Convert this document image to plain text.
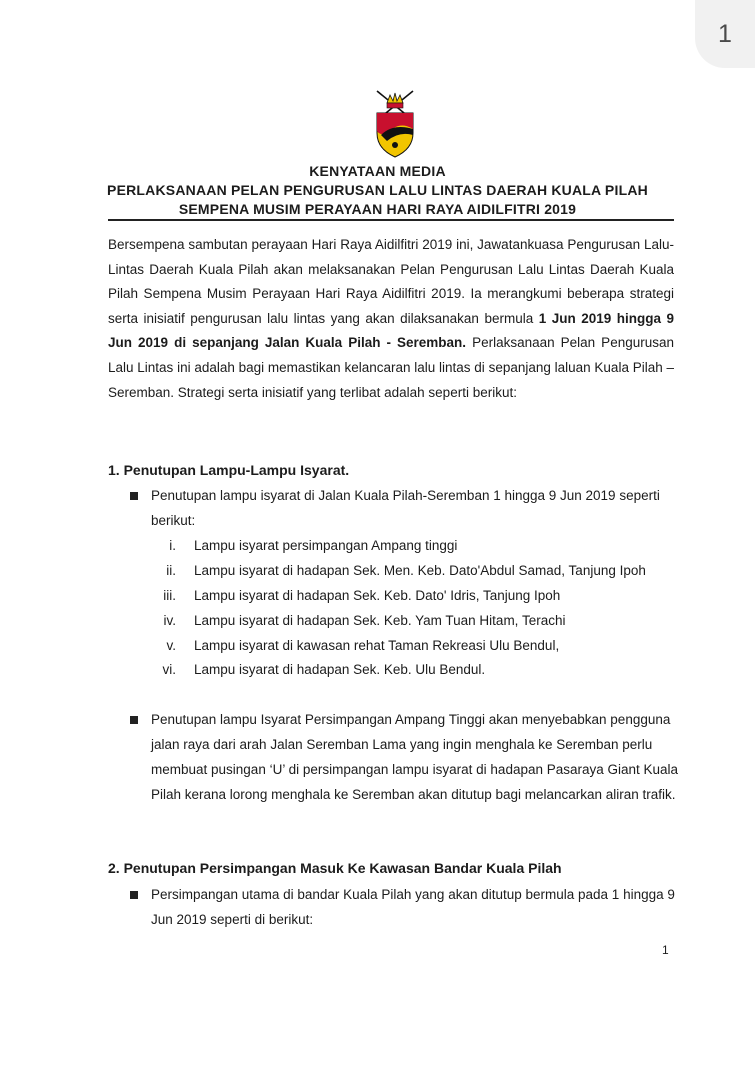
1
KENYATAAN MEDIA
PERLAKSANAAN PELAN PENGURUSAN LALU LINTAS DAERAH KUALA PILAH
SEMPENA MUSIM PERAYAAN HARI RAYA AIDILFITRI 2019

Bersempena sambutan perayaan Hari Raya Aidilfitri 2019 ini, Jawatankuasa Pengurusan Lalu-Lintas Daerah Kuala Pilah akan melaksanakan Pelan Pengurusan Lalu Lintas Daerah Kuala Pilah Sempena Musim Perayaan Hari Raya Aidilfitri 2019. Ia merangkumi beberapa strategi serta inisiatif pengurusan lalu lintas yang akan dilaksanakan bermula 1 Jun 2019 hingga 9 Jun 2019 di sepanjang Jalan Kuala Pilah - Seremban. Perlaksanaan Pelan Pengurusan Lalu Lintas ini adalah bagi memastikan kelancaran lalu lintas di sepanjang laluan Kuala Pilah – Seremban. Strategi serta inisiatif yang terlibat adalah seperti berikut:

1. Penutupan Lampu-Lampu Isyarat.

Penutupan lampu isyarat di Jalan Kuala Pilah-Seremban 1 hingga 9 Jun 2019 seperti berikut:

i. Lampu isyarat persimpangan Ampang tinggi
ii. Lampu isyarat di hadapan Sek. Men. Keb. Dato'Abdul Samad, Tanjung Ipoh
iii. Lampu isyarat di hadapan Sek. Keb. Dato' Idris, Tanjung Ipoh
iv. Lampu isyarat di hadapan Sek. Keb. Yam Tuan Hitam, Terachi
v. Lampu isyarat di kawasan rehat Taman Rekreasi Ulu Bendul,
vi. Lampu isyarat di hadapan Sek. Keb. Ulu Bendul.

Penutupan lampu Isyarat Persimpangan Ampang Tinggi akan menyebabkan pengguna jalan raya dari arah Jalan Seremban Lama yang ingin menghala ke Seremban perlu membuat pusingan ‘U’ di persimpangan lampu isyarat di hadapan Pasaraya Giant Kuala Pilah kerana lorong menghala ke Seremban akan ditutup bagi melancarkan aliran trafik.

2. Penutupan Persimpangan Masuk Ke Kawasan Bandar Kuala Pilah

Persimpangan utama di bandar Kuala Pilah yang akan ditutup bermula pada 1 hingga 9 Jun 2019 seperti di berikut:

1
